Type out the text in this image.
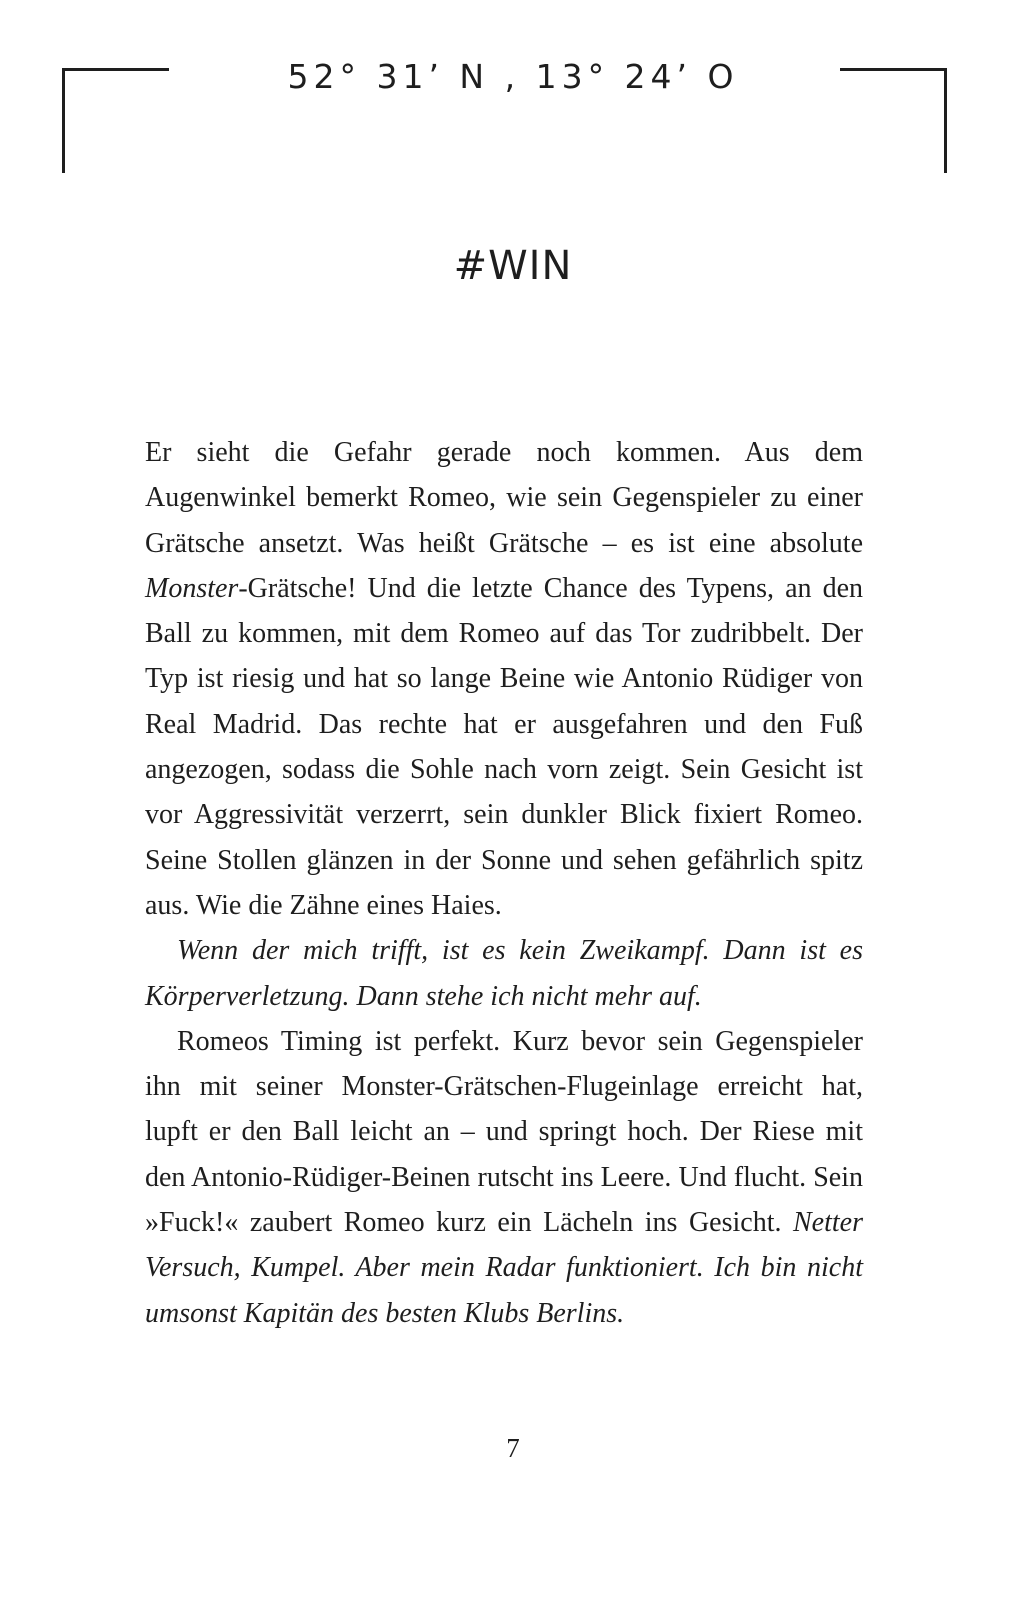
52° 31’ N , 13° 24’ O
#WIN

Er sieht die Gefahr gerade noch kommen. Aus dem Augenwinkel bemerkt Romeo, wie sein Gegenspieler zu einer Grätsche ansetzt. Was heißt Grätsche – es ist eine absolute Monster-Grätsche! Und die letzte Chance des Typens, an den Ball zu kommen, mit dem Romeo auf das Tor zudribbelt. Der Typ ist riesig und hat so lange Beine wie Antonio Rüdiger von Real Madrid. Das rechte hat er ausgefahren und den Fuß angezogen, sodass die Sohle nach vorn zeigt. Sein Gesicht ist vor Aggressivität verzerrt, sein dunkler Blick fixiert Romeo. Seine Stollen glänzen in der Sonne und sehen gefährlich spitz aus. Wie die Zähne eines Haies.

Wenn der mich trifft, ist es kein Zweikampf. Dann ist es Körperverletzung. Dann stehe ich nicht mehr auf.

Romeos Timing ist perfekt. Kurz bevor sein Gegenspieler ihn mit seiner Monster-Grätschen-Flugeinlage erreicht hat, lupft er den Ball leicht an – und springt hoch. Der Riese mit den Antonio-Rüdiger-Beinen rutscht ins Leere. Und flucht. Sein »Fuck!« zaubert Romeo kurz ein Lächeln ins Gesicht. Netter Versuch, Kumpel. Aber mein Radar funktioniert. Ich bin nicht umsonst Kapitän des besten Klubs Berlins.

7
